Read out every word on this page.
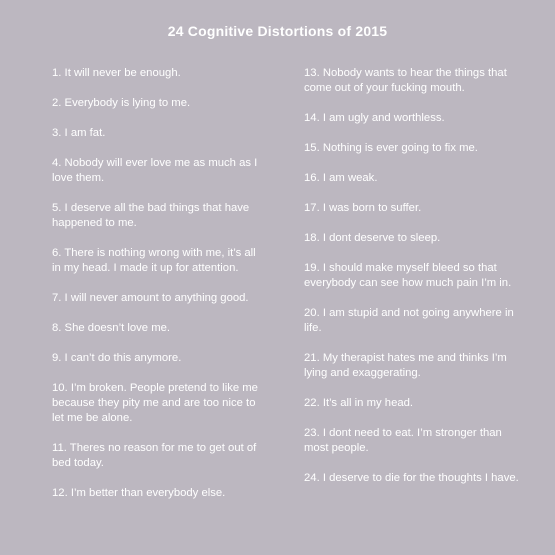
24 Cognitive Distortions of 2015
1. It will never be enough.
2. Everybody is lying to me.
3. I am fat.
4. Nobody will ever love me as much as I love them.
5. I deserve all the bad things that have happened to me.
6. There is nothing wrong with me, it’s all in my head. I made it up for attention.
7. I will never amount to anything good.
8. She doesn’t love me.
9. I can’t do this anymore.
10. I’m broken. People pretend to like me because they pity me and are too nice to let me be alone.
11. Theres no reason for me to get out of bed today.
12. I’m better than everybody else.
13. Nobody wants to hear the things that come out of your fucking mouth.
14. I am ugly and worthless.
15. Nothing is ever going to fix me.
16. I am weak.
17. I was born to suffer.
18. I dont deserve to sleep.
19. I should make myself bleed so that everybody can see how much pain I’m in.
20. I am stupid and not going anywhere in life.
21. My therapist hates me and thinks I’m lying and exaggerating.
22. It’s all in my head.
23. I dont need to eat. I’m stronger than most people.
24. I deserve to die for the thoughts I have.
